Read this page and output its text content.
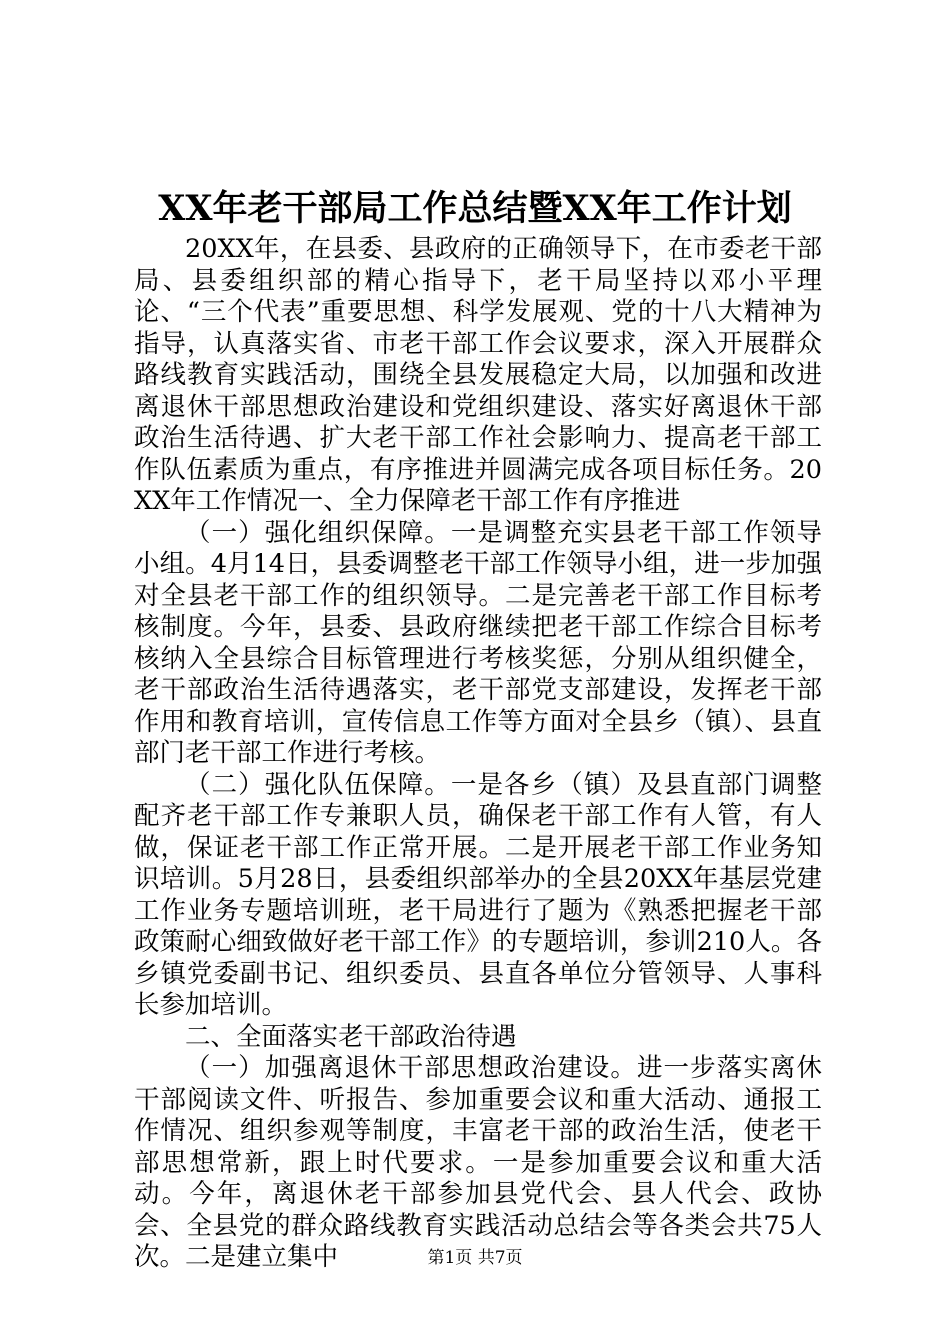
XX年老干部局工作总结暨XX年工作计划

20XX年，在县委、县政府的正确领导下，在市委老干部局、县委组织部的精心指导下，老干局坚持以邓小平理论、“三个代表”重要思想、科学发展观、党的十八大精神为指导，认真落实省、市老干部工作会议要求，深入开展群众路线教育实践活动，围绕全县发展稳定大局，以加强和改进离退休干部思想政治建设和党组织建设、落实好离退休干部政治生活待遇、扩大老干部工作社会影响力、提高老干部工作队伍素质为重点，有序推进并圆满完成各项目标任务。20XX年工作情况一、全力保障老干部工作有序推进

（一）强化组织保障。一是调整充实县老干部工作领导小组。4月14日，县委调整老干部工作领导小组，进一步加强对全县老干部工作的组织领导。二是完善老干部工作目标考核制度。今年，县委、县政府继续把老干部工作综合目标考核纳入全县综合目标管理进行考核奖惩，分别从组织健全，老干部政治生活待遇落实，老干部党支部建设，发挥老干部作用和教育培训，宣传信息工作等方面对全县乡（镇）、县直部门老干部工作进行考核。

（二）强化队伍保障。一是各乡（镇）及县直部门调整配齐老干部工作专兼职人员，确保老干部工作有人管，有人做，保证老干部工作正常开展。二是开展老干部工作业务知识培训。5月28日，县委组织部举办的全县20XX年基层党建工作业务专题培训班，老干局进行了题为《熟悉把握老干部政策耐心细致做好老干部工作》的专题培训，参训210人。各乡镇党委副书记、组织委员、县直各单位分管领导、人事科长参加培训。

二、全面落实老干部政治待遇

（一）加强离退休干部思想政治建设。进一步落实离休干部阅读文件、听报告、参加重要会议和重大活动、通报工作情况、组织参观等制度，丰富老干部的政治生活，使老干部思想常新，跟上时代要求。一是参加重要会议和重大活动。今年，离退休老干部参加县党代会、县人代会、政协会、全县党的群众路线教育实践活动总结会等各类会共75人次。二是建立集中	第1页 共7页
